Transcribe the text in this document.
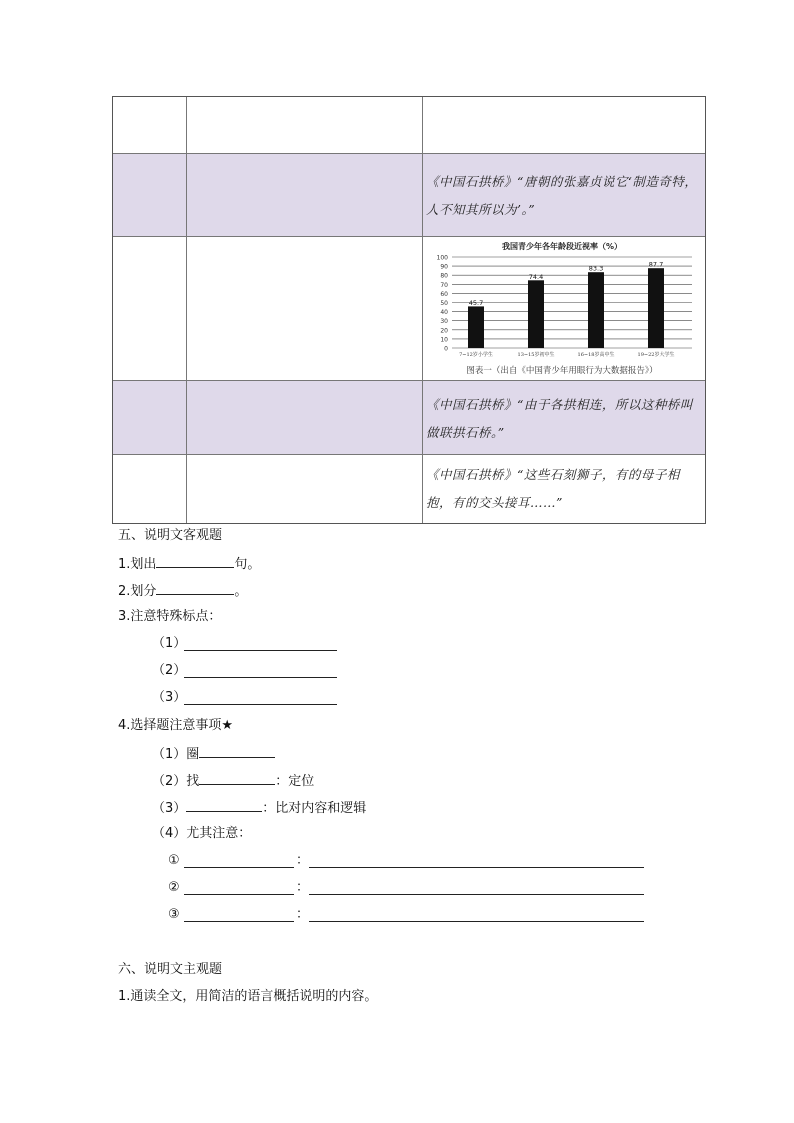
《中国石拱桥》“唐朝的张嘉贞说它‘制造奇特，人不知其所以为’。”
我国青少年各年龄段近视率（%）
0
10
20
30
40
50
60
70
80
90
100
45.7
7~12岁小学生
74.4
13~15岁初中生
83.3
16~18岁高中生
87.7
19~22岁大学生
图表一（出自《中国青少年用眼行为大数据报告》）
《中国石拱桥》“由于各拱相连，所以这种桥叫做联拱石桥。”
《中国石拱桥》“这些石刻狮子，有的母子相抱，有的交头接耳……”
五、说明文客观题
1.划出	句。
2.划分	。
3.注意特殊标点：
（1）
（2）
（3）
4.选择题注意事项★
（1）圈
（2）找	：定位
（3）	：比对内容和逻辑
（4）尤其注意：
①	：
②	：
③	：
六、说明文主观题
1.通读全文，用简洁的语言概括说明的内容。
